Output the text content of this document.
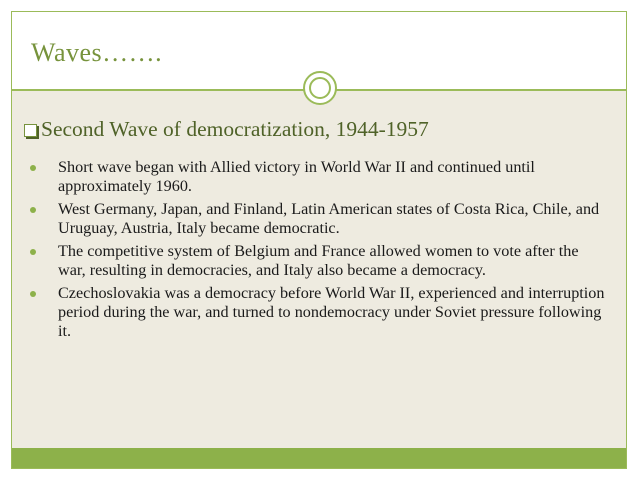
Waves…….
Second Wave of democratization, 1944-1957
Short wave began with Allied victory in World War II and continued until approximately 1960.
West Germany, Japan, and Finland, Latin American states of Costa Rica, Chile, and Uruguay, Austria, Italy became democratic.
The competitive system of Belgium and France allowed women to vote after the war, resulting in democracies, and Italy also became a democracy.
Czechoslovakia was a democracy before World War II, experienced and interruption period during the war, and turned to nondemocracy under Soviet pressure following it.
